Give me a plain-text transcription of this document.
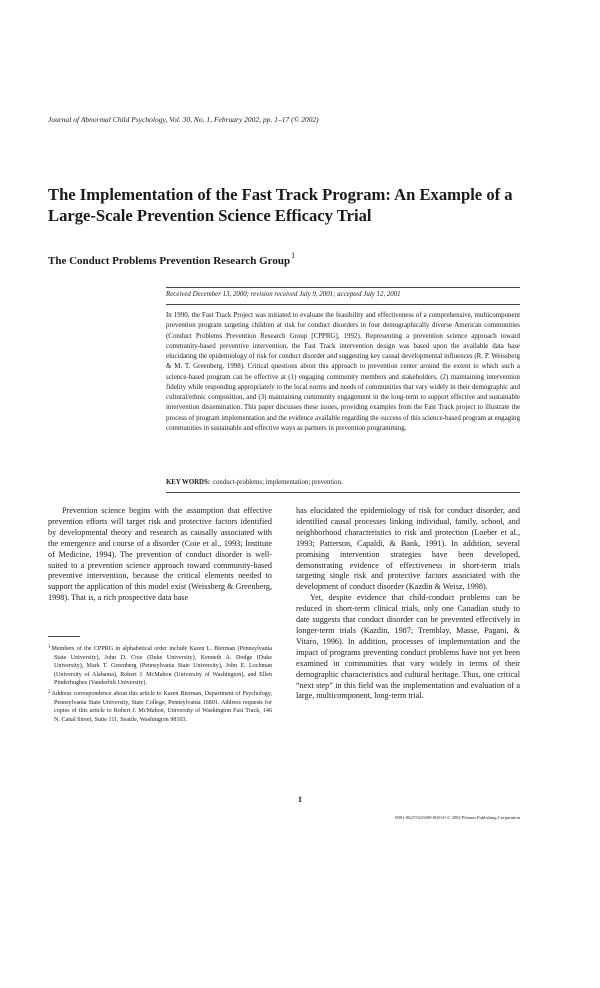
Journal of Abnormal Child Psychology, Vol. 30, No. 1, February 2002, pp. 1–17 (© 2002)
The Implementation of the Fast Track Program: An Example of a Large-Scale Prevention Science Efficacy Trial
The Conduct Problems Prevention Research Group$^1$
Received December 13, 2000; revision received July 9, 2001; accepted July 12, 2001

In 1990, the Fast Track Project was initiated to evaluate the feasibility and effectiveness of a comprehensive, multicomponent prevention program targeting children at risk for conduct disorders in four demographically diverse American communities (Conduct Problems Prevention Research Group [CPPRG], 1992). Representing a prevention science approach toward community-based preventive intervention, the Fast Track intervention design was based upon the available data base elucidating the epidemiology of risk for conduct disorder and suggesting key causal developmental influences (R. P. Weissberg & M. T. Greenberg, 1998). Critical questions about this approach to prevention center around the extent to which such a science-based program can be effective at (1) engaging community members and stakeholders, (2) maintaining intervention fidelity while responding appropriately to the local norms and needs of communities that vary widely in their demographic and cultural/ethnic composition, and (3) maintaining community engagement in the long-term to support effective and sustainable intervention dissemination. This paper discusses these issues, providing examples from the Fast Track project to illustrate the process of program implementation and the evidence available regarding the success of this science-based program at engaging communities in sustainable and effective ways as partners in prevention programming.

KEY WORDS: conduct-problems; implementation; prevention.

Prevention science begins with the assumption that effective prevention efforts will target risk and protective factors identified by developmental theory and research as causally associated with the emergence and course of a disorder (Coie et al., 1993; Institute of Medicine, 1994). The prevention of conduct disorder is well-suited to a prevention science approach toward community-based preventive intervention, because the critical elements needed to support the application of this model exist (Weissberg & Greenberg, 1998). That is, a rich prospective data base

has elucidated the epidemiology of risk for conduct disorder, and identified causal processes linking individual, family, school, and neighborhood characteristics to risk and protection (Loeber et al., 1993; Patterson, Capaldi, & Bank, 1991). In addition, several promising intervention strategies have been developed, demonstrating evidence of effectiveness in short-term trials targeting single risk and protective factors associated with the development of conduct disorder (Kazdin & Weisz, 1998).

Yet, despite evidence that child-conduct problems can be reduced in short-term clinical trials, only one Canadian study to date suggests that conduct disorder can be prevented effectively in longer-term trials (Kazdin, 1987; Tremblay, Masse, Pagani, & Vitaro, 1996). In addition, processes of implementation and the impact of programs preventing conduct problems have not yet been examined in communities that vary widely in terms of their demographic characteristics and cultural heritage. Thus, one critical “next step” in this field was the implementation and evaluation of a large, multicomponent, long-term trial.

$^1$Members of the CPPRG in alphabetical order include Karen L. Bierman (Pennsylvania State University), John D. Coie (Duke University), Kenneth A. Dodge (Duke University), Mark T. Greenberg (Pennsylvania State University), John E. Lochman (University of Alabama), Robert J. McMahon (University of Washington), and Ellen Pinderhughes (Vanderbilt University).

$^2$Address correspondence about this article to Karen Bierman, Department of Psychology, Pennsylvania State University, State College, Pennsylvania 16801. Address requests for copies of this article to Robert J. McMahon, University of Washington Fast Track, 146 N. Canal Street, Suite 111, Seattle, Washington 98103.

1
0091-0627/02/0200-0001/0 © 2002 Plenum Publishing Corporation
